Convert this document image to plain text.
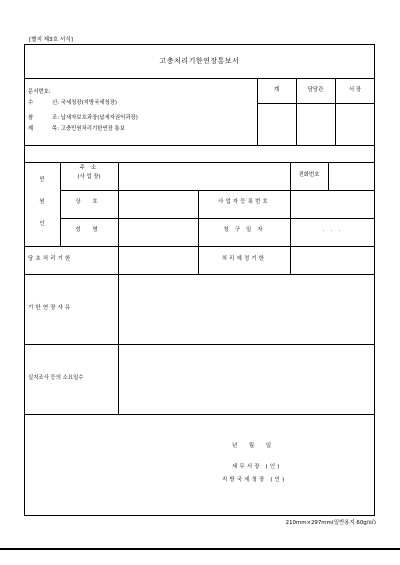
[별지 제3호 서식]
고충처리기한연장통보서
문서번호:
수	신: 국세청장(지방국세청장)
참	조: 납세자보호과장(납세자권익과장)
제	목: 고충민원처리기한연장 통보
계	담당관	서 장
민
원
인
주 소
(사 업 장)	전화번호
상 호	사업자등록번호
성 명	청 구 일 자	. . .
당초처리기한	처리예정기한
기한연장사유
실지조사 등의 소요일수
년 월 일
세무서장 (인)
지방국세청장 (인)
210mm×297mm(일반용지 60g/㎡)
